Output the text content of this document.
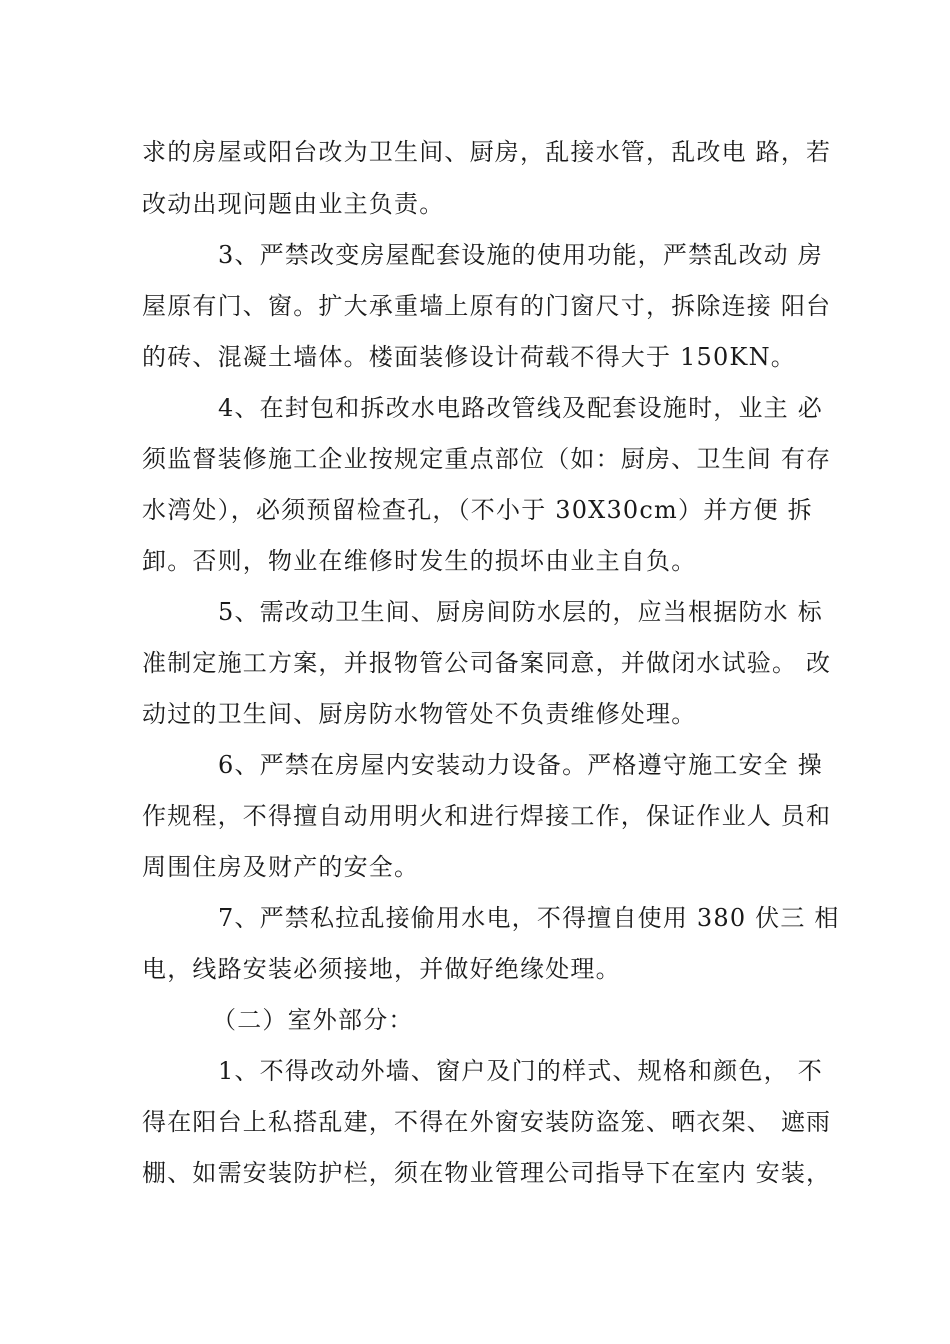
求的房屋或阳台改为卫生间、厨房，乱接水管，乱改电 路，若
改动出现问题由业主负责。
3、严禁改变房屋配套设施的使用功能，严禁乱改动 房
屋原有门、窗。扩大承重墙上原有的门窗尺寸，拆除连接 阳台
的砖、混凝土墙体。楼面装修设计荷载不得大于 150KN。
4、在封包和拆改水电路改管线及配套设施时，业主 必
须监督装修施工企业按规定重点部位（如：厨房、卫生间 有存
水湾处），必须预留检查孔，（不小于 30X30cm）并方便 拆
卸。否则，物业在维修时发生的损坏由业主自负。
5、需改动卫生间、厨房间防水层的，应当根据防水 标
准制定施工方案，并报物管公司备案同意，并做闭水试验。 改
动过的卫生间、厨房防水物管处不负责维修处理。
6、严禁在房屋内安装动力设备。严格遵守施工安全 操
作规程，不得擅自动用明火和进行焊接工作，保证作业人 员和
周围住房及财产的安全。
7、严禁私拉乱接偷用水电，不得擅自使用 380 伏三 相
电，线路安装必须接地，并做好绝缘处理。
（二）室外部分：
1、不得改动外墙、窗户及门的样式、规格和颜色， 不
得在阳台上私搭乱建，不得在外窗安装防盗笼、晒衣架、 遮雨
棚、如需安装防护栏，须在物业管理公司指导下在室内 安装，
